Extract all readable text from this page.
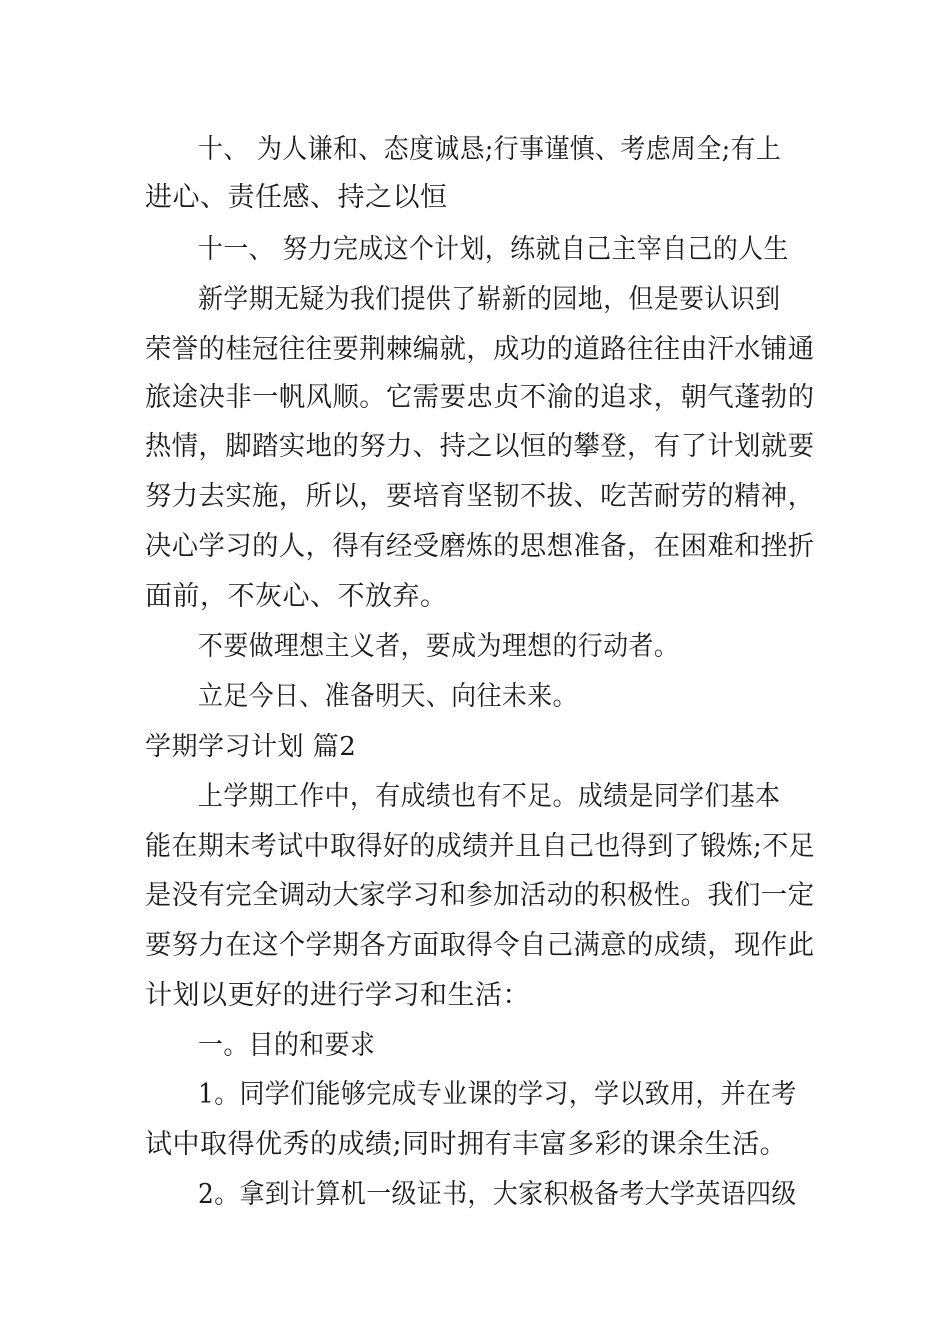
十、 为人谦和、态度诚恳;行事谨慎、考虑周全;有上
进心、责任感、持之以恒
十一、 努力完成这个计划，练就自己主宰自己的人生
新学期无疑为我们提供了崭新的园地，但是要认识到
荣誉的桂冠往往要荆棘编就，成功的道路往往由汗水铺通
旅途决非一帆风顺。它需要忠贞不渝的追求，朝气蓬勃的
热情，脚踏实地的努力、持之以恒的攀登，有了计划就要
努力去实施，所以，要培育坚韧不拔、吃苦耐劳的精神，
决心学习的人，得有经受磨炼的思想准备，在困难和挫折
面前，不灰心、不放弃。
不要做理想主义者，要成为理想的行动者。
立足今日、准备明天、向往未来。
学期学习计划 篇2
上学期工作中，有成绩也有不足。成绩是同学们基本
能在期末考试中取得好的成绩并且自己也得到了锻炼;不足
是没有完全调动大家学习和参加活动的积极性。我们一定
要努力在这个学期各方面取得令自己满意的成绩，现作此
计划以更好的进行学习和生活：
一。目的和要求
1。同学们能够完成专业课的学习，学以致用，并在考
试中取得优秀的成绩;同时拥有丰富多彩的课余生活。
2。拿到计算机一级证书，大家积极备考大学英语四级
